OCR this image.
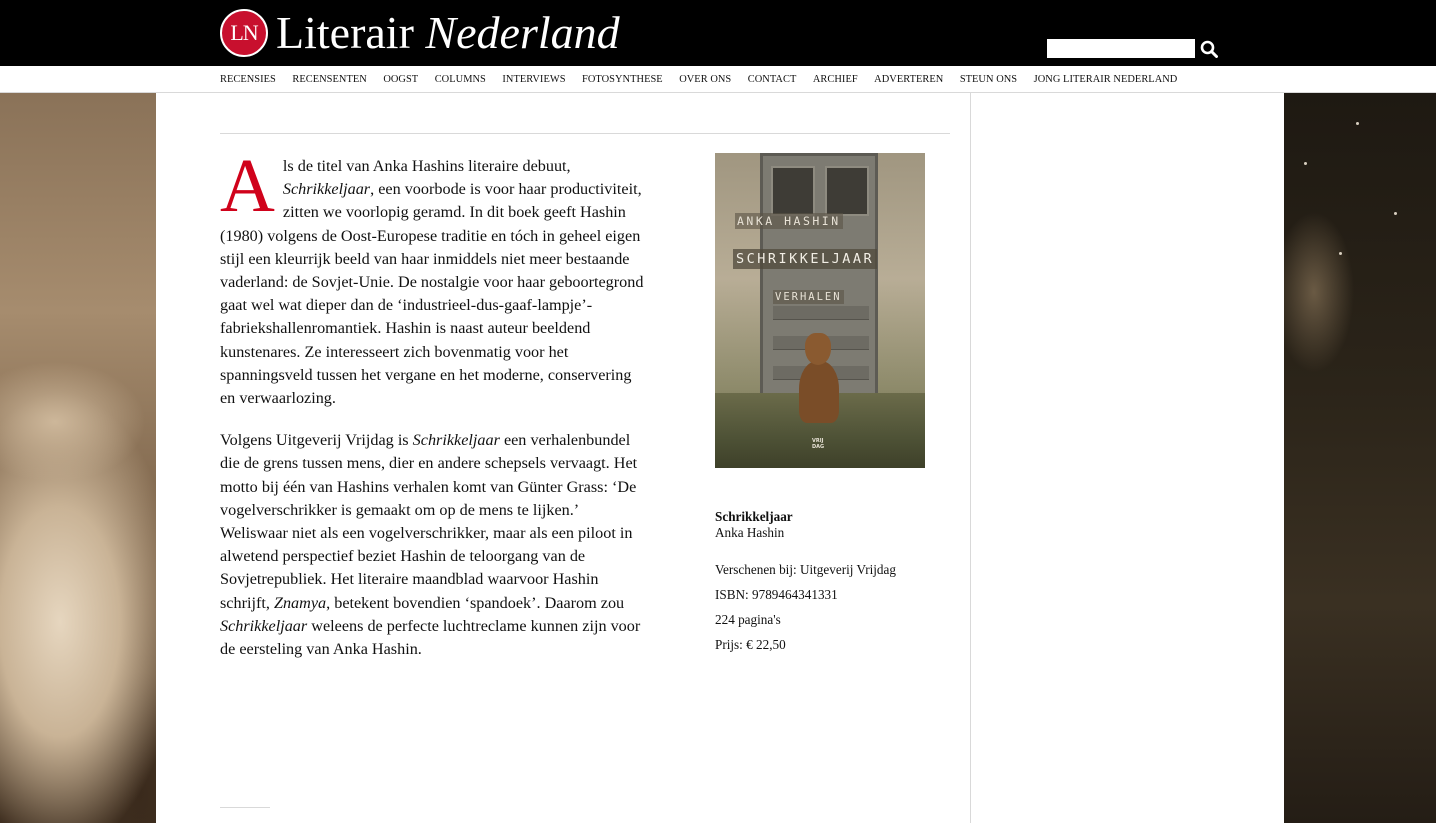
LN Literair Nederland
RECENSIES RECENSENTEN OOGST COLUMNS INTERVIEWS FOTOSYNTHESE OVER ONS CONTACT ARCHIEF ADVERTEREN STEUN ONS JONG LITERAIR NEDERLAND

Als de titel van Anka Hashins literaire debuut, Schrikkeljaar, een voorbode is voor haar productiviteit, zitten we voorlopig geramd. In dit boek geeft Hashin (1980) volgens de Oost-Europese traditie en tóch in geheel eigen stijl een kleurrijk beeld van haar inmiddels niet meer bestaande vaderland: de Sovjet-Unie. De nostalgie voor haar geboortegrond gaat wel wat dieper dan de ‘industrieel-dus-gaaf-lampje’-fabriekshallenromantiek. Hashin is naast auteur beeldend kunstenares. Ze interesseert zich bovenmatig voor het spanningsveld tussen het vergane en het moderne, conservering en verwaarlozing.

Volgens Uitgeverij Vrijdag is Schrikkeljaar een verhalenbundel die de grens tussen mens, dier en andere schepsels vervaagt. Het motto bij één van Hashins verhalen komt van Günter Grass: ‘De vogelverschrikker is gemaakt om op de mens te lijken.’ Weliswaar niet als een vogelverschrikker, maar als een piloot in alwetend perspectief beziet Hashin de teloorgang van de Sovjetrepubliek. Het literaire maandblad waarvoor Hashin schrijft, Znamya, betekent bovendien ‘spandoek’. Daarom zou Schrikkeljaar weleens de perfecte luchtreclame kunnen zijn voor de eersteling van Anka Hashin.

ANKA HASHIN
SCHRIKKELJAAR
VERHALEN
VRIJ
DAG
Schrikkeljaar
Anka Hashin
Verschenen bij: Uitgeverij Vrijdag
ISBN: 9789464341331
224 pagina's
Prijs: € 22,50
